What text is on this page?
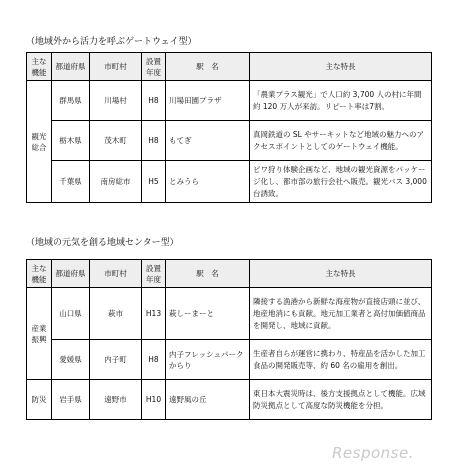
（地域外から活力を呼ぶゲートウェイ型）
主な機能	都道府県	市町村	設置年度	駅　名	主な特長
観光総合	群馬県	川場村	H8	川場田園プラザ	「農業プラス観光」で人口約 3,700 人の村に年間約 120 万人が来訪。リピート率は7割。
	栃木県	茂木町	H8	もてぎ	真岡鉄道の SL やサーキットなど地域の魅力へのアクセスポイントとしてのゲートウェイ機能。
	千葉県	南房総市	H5	とみうら	ビワ狩り体験企画など、地域の観光資源をパッケージ化し、都市部の旅行会社へ販売。観光バス 3,000 台誘致。
（地域の元気を創る地域センター型）
主な機能	都道府県	市町村	設置年度	駅　名	主な特長
産業振興	山口県	萩市	H13	萩しーまーと	隣接する漁港から新鮮な海産物が直接店頭に並び、地産地消にも貢献。地元加工業者と高付加価値商品を開発し、地域に貢献。
	愛媛県	内子町	H8	内子フレッシュパークからり	生産者自らが運営に携わり、特産品を活かした加工食品の開発販売等、約 60 名の雇用を創出。
防災	岩手県	遠野市	H10	遠野風の丘	東日本大震災時は、後方支援拠点として機能。広域防災拠点として高度な防災機能を分担。
Response.
